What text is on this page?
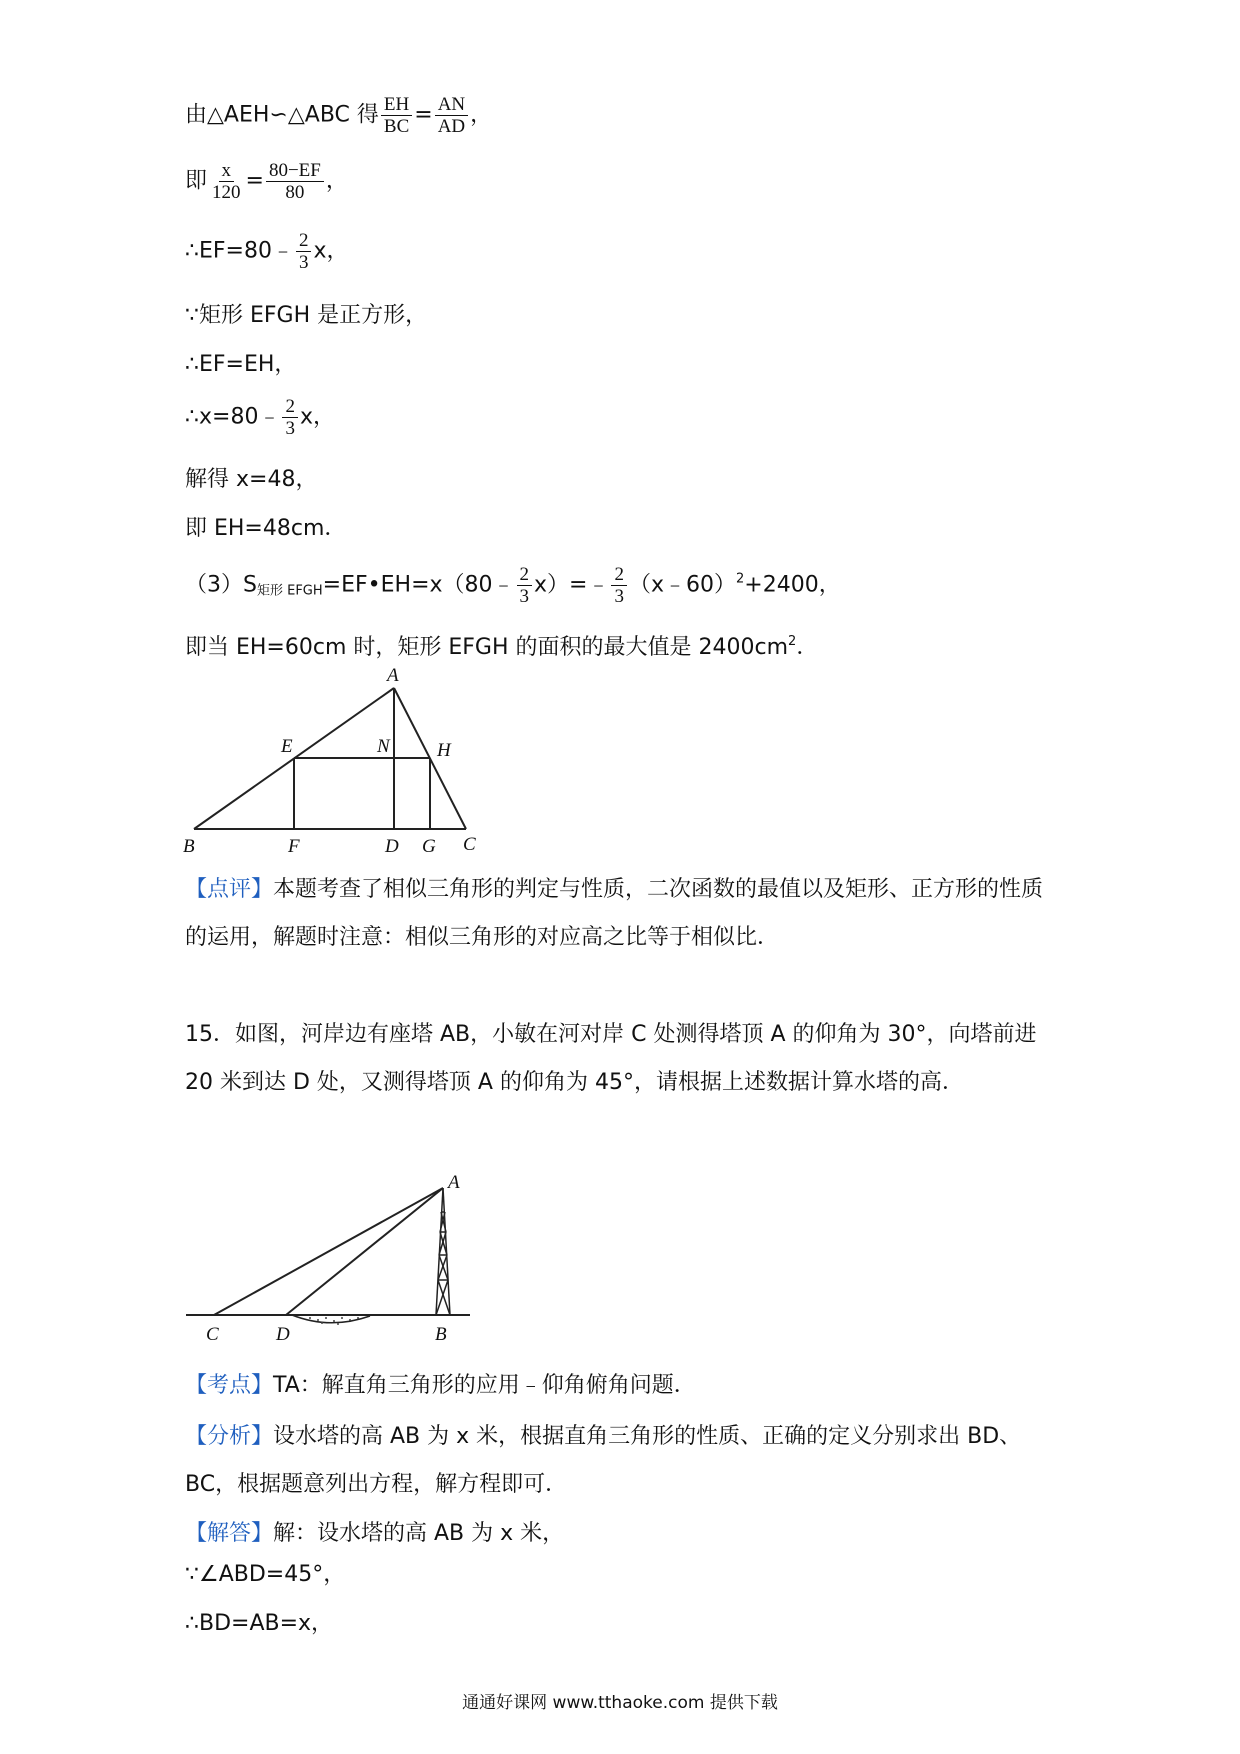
由△AEH∽△ABC 得 $\frac{EH}{BC} = \frac{AN}{AD}$ ，
即 $\frac{x}{120} = \frac{80-EF}{80}$ ，
∴EF=80﹣ $\frac{2}{3}$ x，
∵矩形 EFGH 是正方形，
∴EF=EH，
∴x=80﹣ $\frac{2}{3}$ x，
解得 x=48，
即 EH=48cm．
$(3)S_{矩形 EFGH}=EF•EH=x(80﹣ \frac{2}{3}$ x）=﹣ $\frac{2}{3}$ （x﹣60）$^2$+2400，
即当 EH=60cm 时，矩形 EFGH 的面积的最大值是 $2400cm^2$．
A
E	N H
B	F	D G C
【点评】本题考查了相似三角形的判定与性质，二次函数的最值以及矩形、正方形的性质的运用，解题时注意：相似三角形的对应高之比等于相似比．
15．如图，河岸边有座塔 AB，小敏在河对岸 C 处测得塔顶 A 的仰角为 30°，向塔前进 20 米到达 D 处，又测得塔顶 A 的仰角为 45°，请根据上述数据计算水塔的高．
A
C	D	B
【考点】TA：解直角三角形的应用﹣仰角俯角问题．
【分析】设水塔的高 AB 为 x 米，根据直角三角形的性质、正确的定义分别求出 BD、BC，根据题意列出方程，解方程即可．
【解答】解：设水塔的高 AB 为 x 米，
∵∠ABD=45°，
∴BD=AB=x，
通通好课网 www.tthaoke.com 提供下载
